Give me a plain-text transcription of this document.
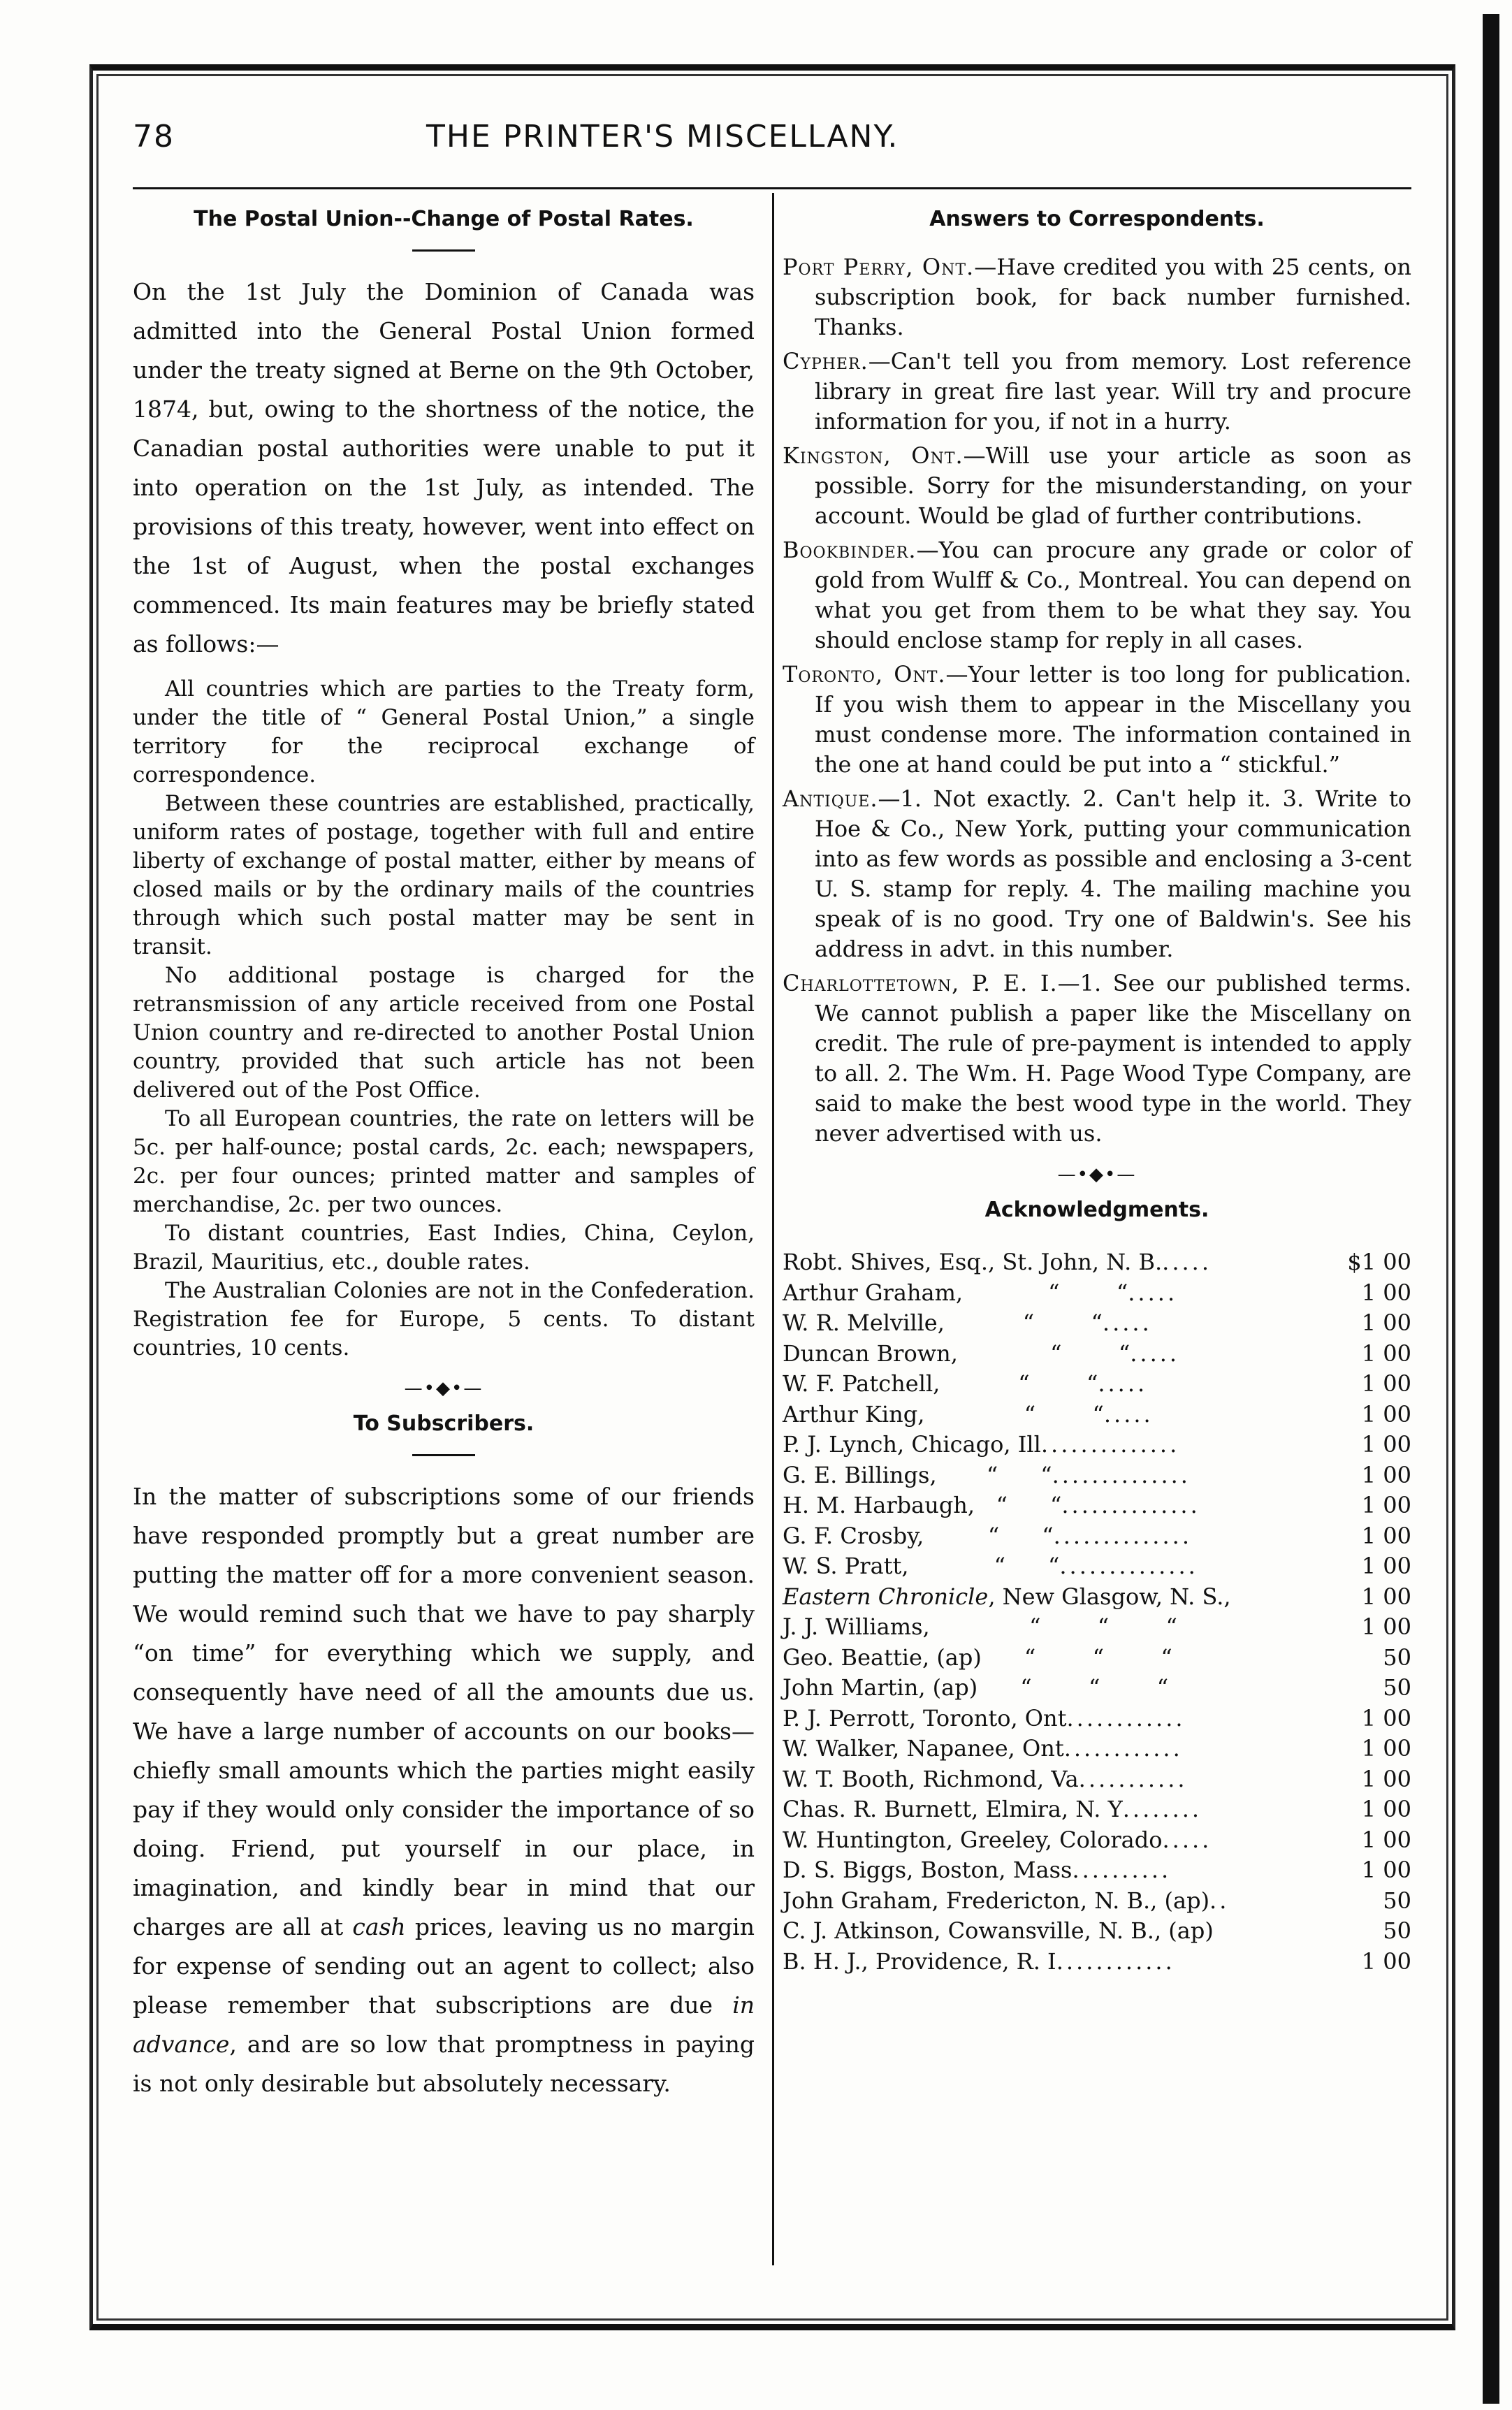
78	THE PRINTER'S MISCELLANY.
The Postal Union--Change of Postal Rates.

On the 1st July the Dominion of Canada was admitted into the General Postal Union formed under the treaty signed at Berne on the 9th October, 1874, but, owing to the shortness of the notice, the Canadian postal authorities were unable to put it into operation on the 1st July, as intended. The provisions of this treaty, however, went into effect on the 1st of August, when the postal exchanges commenced. Its main features may be briefly stated as follows:—

All countries which are parties to the Treaty form, under the title of “ General Postal Union,” a single territory for the reciprocal exchange of correspondence.

Between these countries are established, practically, uniform rates of postage, together with full and entire liberty of exchange of postal matter, either by means of closed mails or by the ordinary mails of the countries through which such postal matter may be sent in transit.

No additional postage is charged for the retransmission of any article received from one Postal Union country and re-directed to another Postal Union country, provided that such article has not been delivered out of the Post Office.

To all European countries, the rate on letters will be 5c. per half-ounce; postal cards, 2c. each; newspapers, 2c. per four ounces; printed matter and samples of merchandise, 2c. per two ounces.

To distant countries, East Indies, China, Ceylon, Brazil, Mauritius, etc., double rates.

The Australian Colonies are not in the Confederation. Registration fee for Europe, 5 cents. To distant countries, 10 cents.

—•◆•—
To Subscribers.

In the matter of subscriptions some of our friends have responded promptly but a great number are putting the matter off for a more convenient season. We would remind such that we have to pay sharply “on time” for everything which we supply, and consequently have need of all the amounts due us. We have a large number of accounts on our books—chiefly small amounts which the parties might easily pay if they would only consider the importance of so doing. Friend, put yourself in our place, in imagination, and kindly bear in mind that our charges are all at cash prices, leaving us no margin for expense of sending out an agent to collect; also please remember that subscriptions are due in advance, and are so low that promptness in paying is not only desirable but absolutely necessary.

Answers to Correspondents.

Port Perry, Ont.—Have credited you with 25 cents, on subscription book, for back number furnished. Thanks.

Cypher.—Can't tell you from memory. Lost reference library in great fire last year. Will try and procure information for you, if not in a hurry.

Kingston, Ont.—Will use your article as soon as possible. Sorry for the misunderstanding, on your account. Would be glad of further contributions.

Bookbinder.—You can procure any grade or color of gold from Wulff & Co., Montreal. You can depend on what you get from them to be what they say. You should enclose stamp for reply in all cases.

Toronto, Ont.—Your letter is too long for publication. If you wish them to appear in the Miscellany you must condense more. The information contained in the one at hand could be put into a “ stickful.”

Antique.—1. Not exactly. 2. Can't help it. 3. Write to Hoe & Co., New York, putting your communication into as few words as possible and enclosing a 3-cent U. S. stamp for reply. 4. The mailing machine you speak of is no good. Try one of Baldwin's. See his address in advt. in this number.

Charlottetown, P. E. I.—1. See our published terms. We cannot publish a paper like the Miscellany on credit. The rule of pre-payment is intended to apply to all. 2. The Wm. H. Page Wood Type Company, are said to make the best wood type in the world. They never advertised with us.

—•◆•—
Acknowledgments.
Robt. Shives, Esq., St. John, N. B. .....	$1 00
Arthur Graham,            “        “ .....	1 00
W. R. Melville,           “        “ .....	1 00
Duncan Brown,             “        “ .....	1 00
W. F. Patchell,           “        “ .....	1 00
Arthur King,              “        “ .....	1 00
P. J. Lynch, Chicago, Ill ..............	1 00
G. E. Billings,       “      “ ..............	1 00
H. M. Harbaugh,   “      “ ..............	1 00
G. F. Crosby,         “      “ ..............	1 00
W. S. Pratt,            “      “ ..............	1 00
Eastern Chronicle , New Glasgow, N. S.,	1 00
J. J. Williams,              “        “        “	1 00
Geo. Beattie, (ap)      “        “        “	50
John Martin, (ap)      “        “        “	50
P. J. Perrott, Toronto, Ont ............	1 00
W. Walker, Napanee, Ont ............	1 00
W. T. Booth, Richmond, Va ...........	1 00
Chas. R. Burnett, Elmira, N. Y ........	1 00
W. Huntington, Greeley, Colorado .....	1 00
D. S. Biggs, Boston, Mass ..........	1 00
John Graham, Fredericton, N. B., (ap) ..	50
C. J. Atkinson, Cowansville, N. B., (ap)	50
B. H. J., Providence, R. I ............	1 00
